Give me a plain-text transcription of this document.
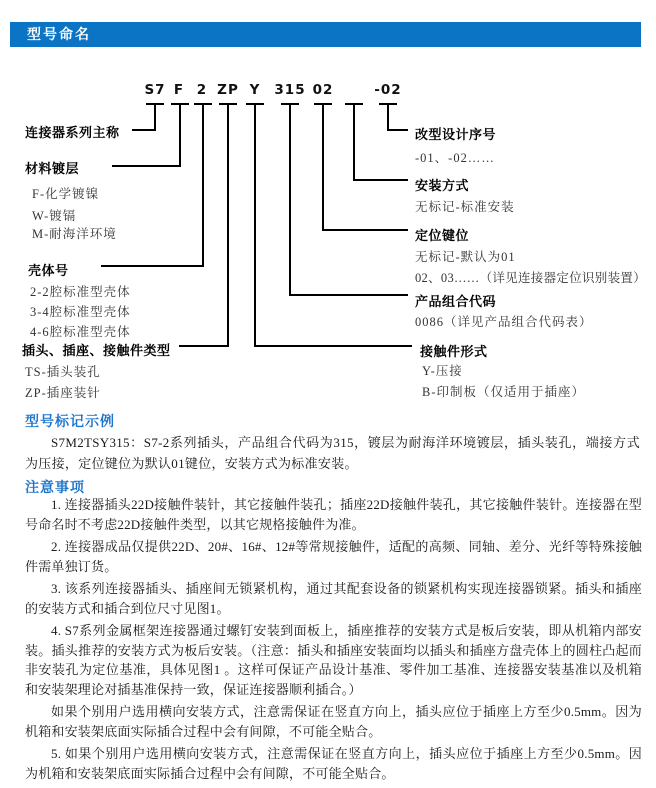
型号命名
S7 F 2 ZP Y 315 02	-02
连接器系列主称
材料镀层
F-化学镀镍
W-镀镉
M-耐海洋环境
壳体号
2-2腔标准型壳体
3-4腔标准型壳体
4-6腔标准型壳体
插头、插座、接触件类型
TS-插头装孔
ZP-插座装针
改型设计序号
-01、-02……
安装方式
无标记-标准安装
定位键位
无标记-默认为01
02、03……（详见连接器定位识别装置）
产品组合代码
0086（详见产品组合代码表）
接触件形式
Y-压接
B-印制板（仅适用于插座）
型号标记示例
S7M2TSY315：S7-2系列插头，产品组合代码为315，镀层为耐海洋环境镀层，插头装孔，端接方式为压接，定位键位为默认01键位，安装方式为标准安装。
注意事项

1. 连接器插头22D接触件装针，其它接触件装孔；插座22D接触件装孔，其它接触件装针。连接器在型号命名时不考虑22D接触件类型，以其它规格接触件为准。

2. 连接器成品仅提供22D、20#、16#、12#等常规接触件，适配的高频、同轴、差分、光纤等特殊接触件需单独订货。

3. 该系列连接器插头、插座间无锁紧机构，通过其配套设备的锁紧机构实现连接器锁紧。插头和插座的安装方式和插合到位尺寸见图1。

4. S7系列金属框架连接器通过螺钉安装到面板上，插座推荐的安装方式是板后安装，即从机箱内部安装。插头推荐的安装方式为板后安装。（注意：插头和插座安装面均以插头和插座方盘壳体上的圆柱凸起而非安装孔为定位基准，具体见图1 。这样可保证产品设计基准、零件加工基准、连接器安装基准以及机箱和安装架理论对插基准保持一致，保证连接器顺利插合。）

如果个别用户选用横向安装方式，注意需保证在竖直方向上，插头应位于插座上方至少0.5mm。因为机箱和安装架底面实际插合过程中会有间隙，不可能全贴合。

5. 如果个别用户选用横向安装方式，注意需保证在竖直方向上，插头应位于插座上方至少0.5mm。因为机箱和安装架底面实际插合过程中会有间隙，不可能全贴合。
